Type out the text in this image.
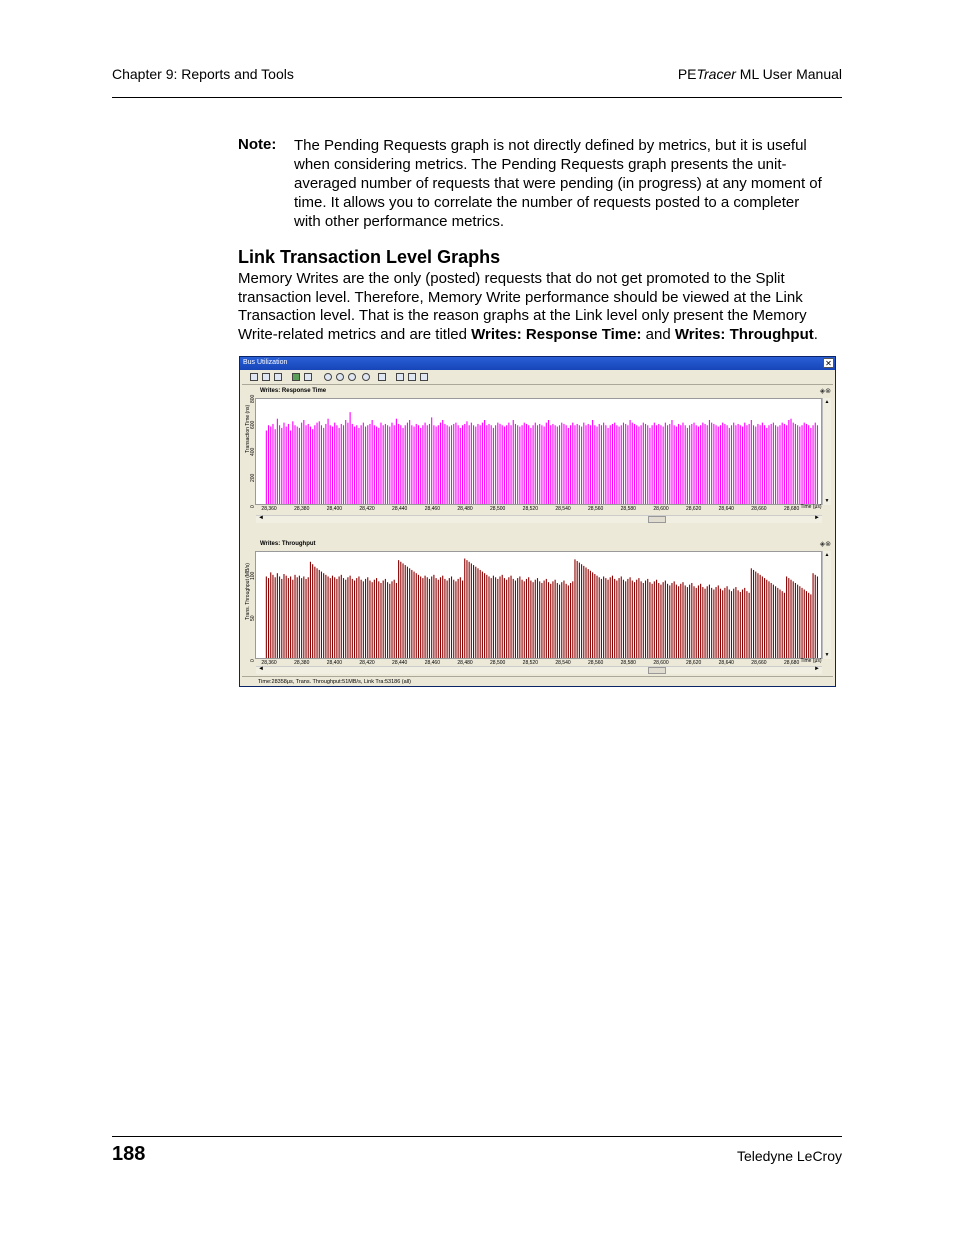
Chapter 9: Reports and Tools	PETracer ML User Manual
Note: The Pending Requests graph is not directly defined by metrics, but it is useful when considering metrics. The Pending Requests graph presents the unit-averaged number of requests that were pending (in progress) at any moment of time. It allows you to correlate the number of requests posted to a completer with other performance metrics.
Link Transaction Level Graphs
Memory Writes are the only (posted) requests that do not get promoted to the Split transaction level. Therefore, Memory Write performance should be viewed at the Link Transaction level. That is the reason graphs at the Link level only present the Memory Write-related metrics and are titled Writes: Response Time: and Writes: Throughput.
Bus Utilization	✕
Writes: Response Time	◈⊗
Transaction Time (ns)
▲
▼
◄	►
28,360	28,380	28,400	28,420	28,440	28,460	28,480	28,500	28,520	28,540	28,560	28,580	28,600	28,620	28,640	28,660	28,680 Time (μs)
0
200
400
600
800
Writes: Throughput	◈⊗
Trans. Throughput (MB/s)
▲
▼
◄	►
28,360	28,380	28,400	28,420	28,440	28,460	28,480	28,500	28,520	28,540	28,560	28,580	28,600	28,620	28,640	28,660	28,680 Time (μs)
0
50
100
Time:28358μs, Trans. Throughput:51MB/s, Link Tra:53186 (all)
188	Teledyne LeCroy
